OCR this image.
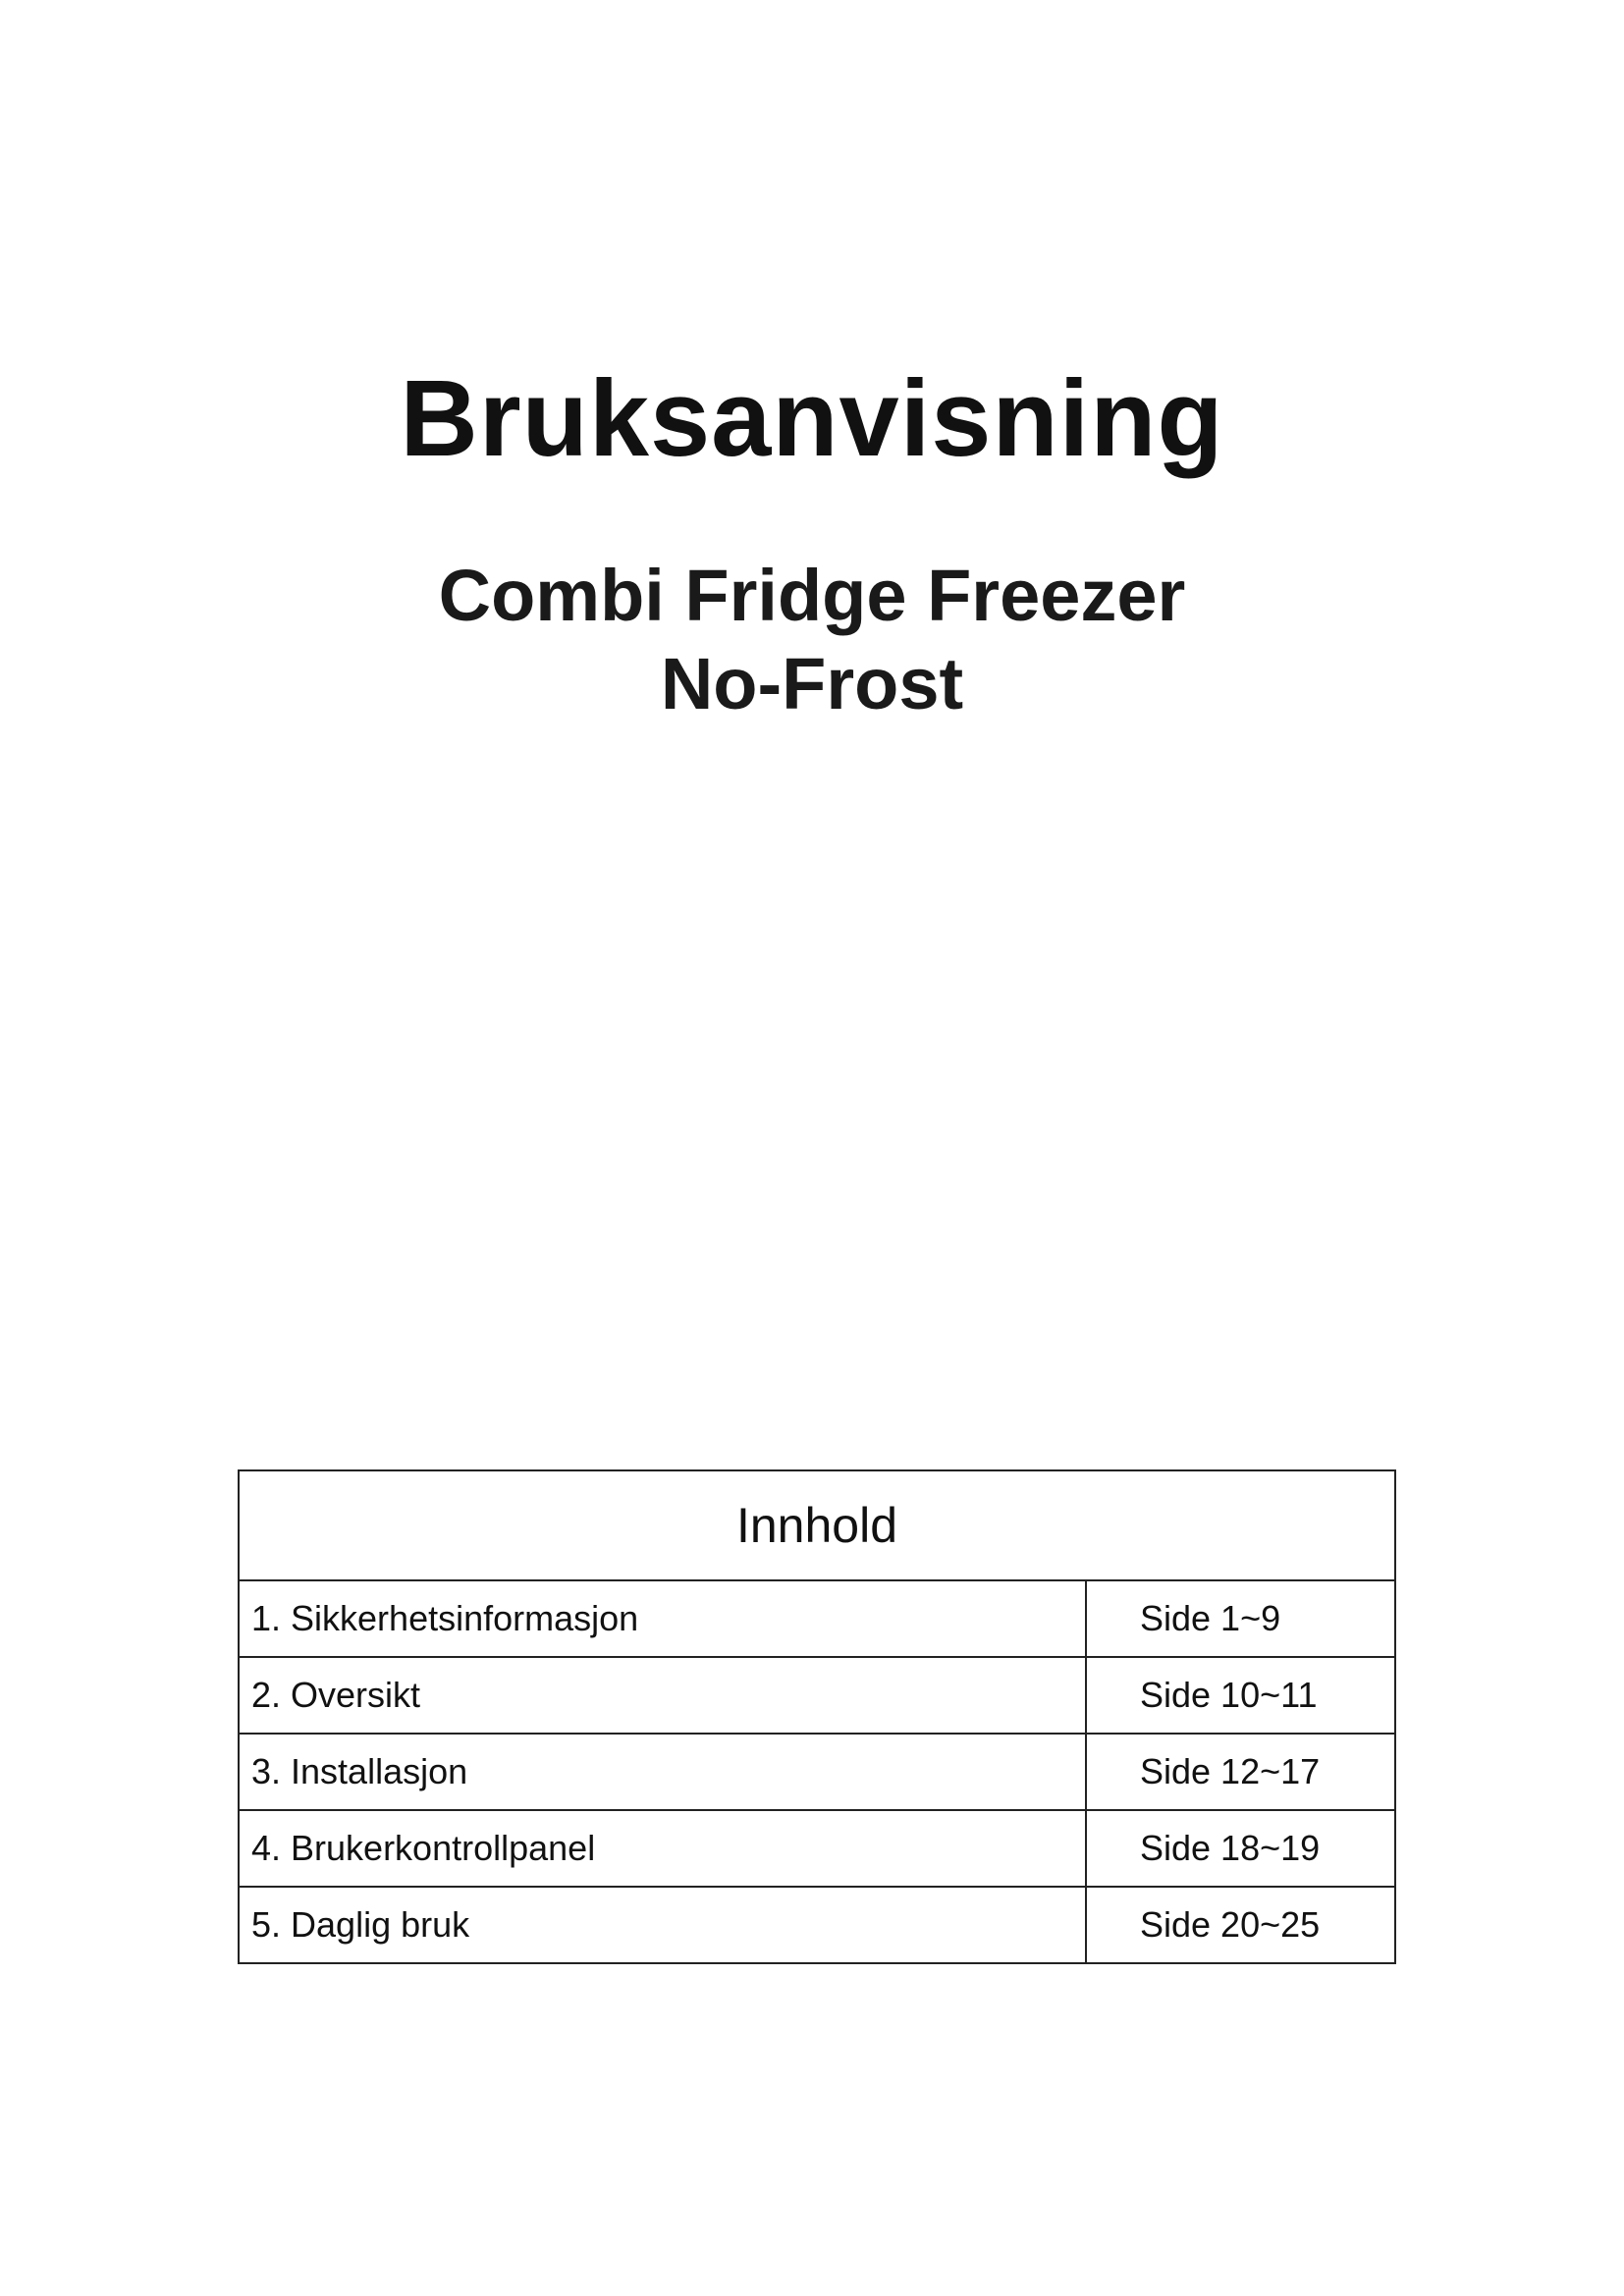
Bruksanvisning
Combi Fridge Freezer
No-Frost
Innhold	
1. Sikkerhetsinformasjon	Side 1~9
2. Oversikt	Side 10~11
3. Installasjon	Side 12~17
4. Brukerkontrollpanel	Side 18~19
5. Daglig bruk	Side 20~25
